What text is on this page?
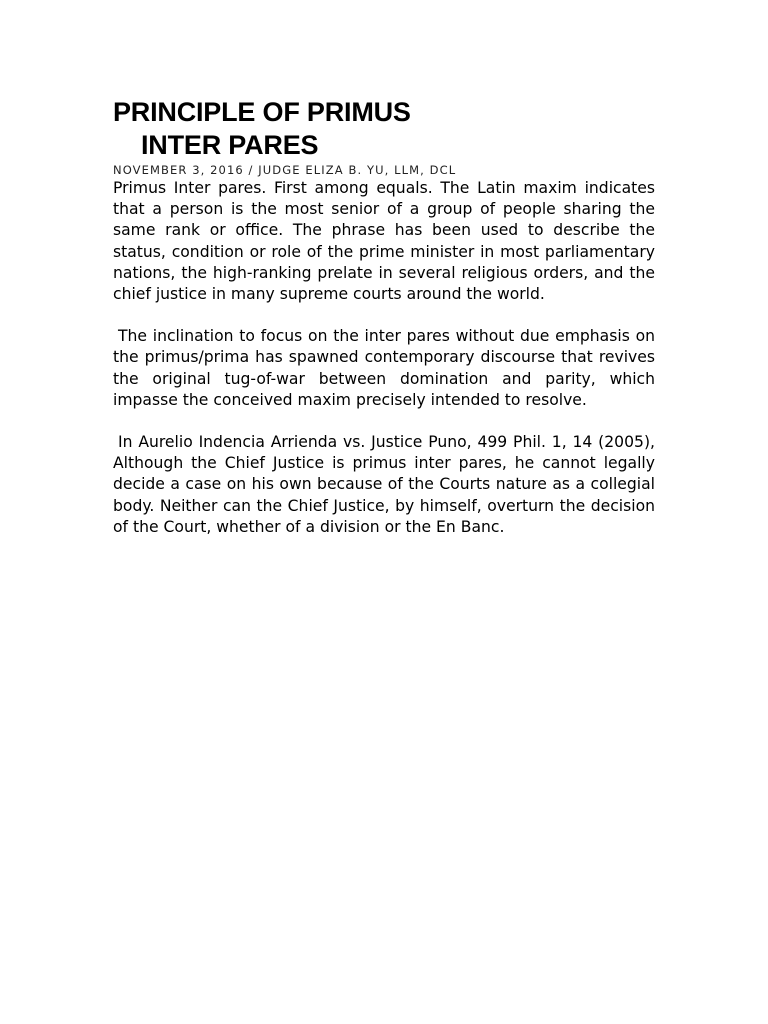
PRINCIPLE OF PRIMUS
INTER PARES
NOVEMBER 3, 2016 / JUDGE ELIZA B. YU, LLM, DCL

Primus Inter pares. First among equals. The Latin maxim indicates that a person is the most senior of a group of people sharing the same rank or office. The phrase has been used to describe the status, condition or role of the prime minister in most parliamentary nations, the high-ranking prelate in several religious orders, and the chief justice in many supreme courts around the world.

The inclination to focus on the inter pares without due emphasis on the primus/prima has spawned contemporary discourse that revives the original tug-of-war between domination and parity, which impasse the conceived maxim precisely intended to resolve.

In Aurelio Indencia Arrienda vs. Justice Puno, 499 Phil. 1, 14 (2005), Although the Chief Justice is primus inter pares, he cannot legally decide a case on his own because of the Courts nature as a collegial body. Neither can the Chief Justice, by himself, overturn the decision of the Court, whether of a division or the En Banc.
